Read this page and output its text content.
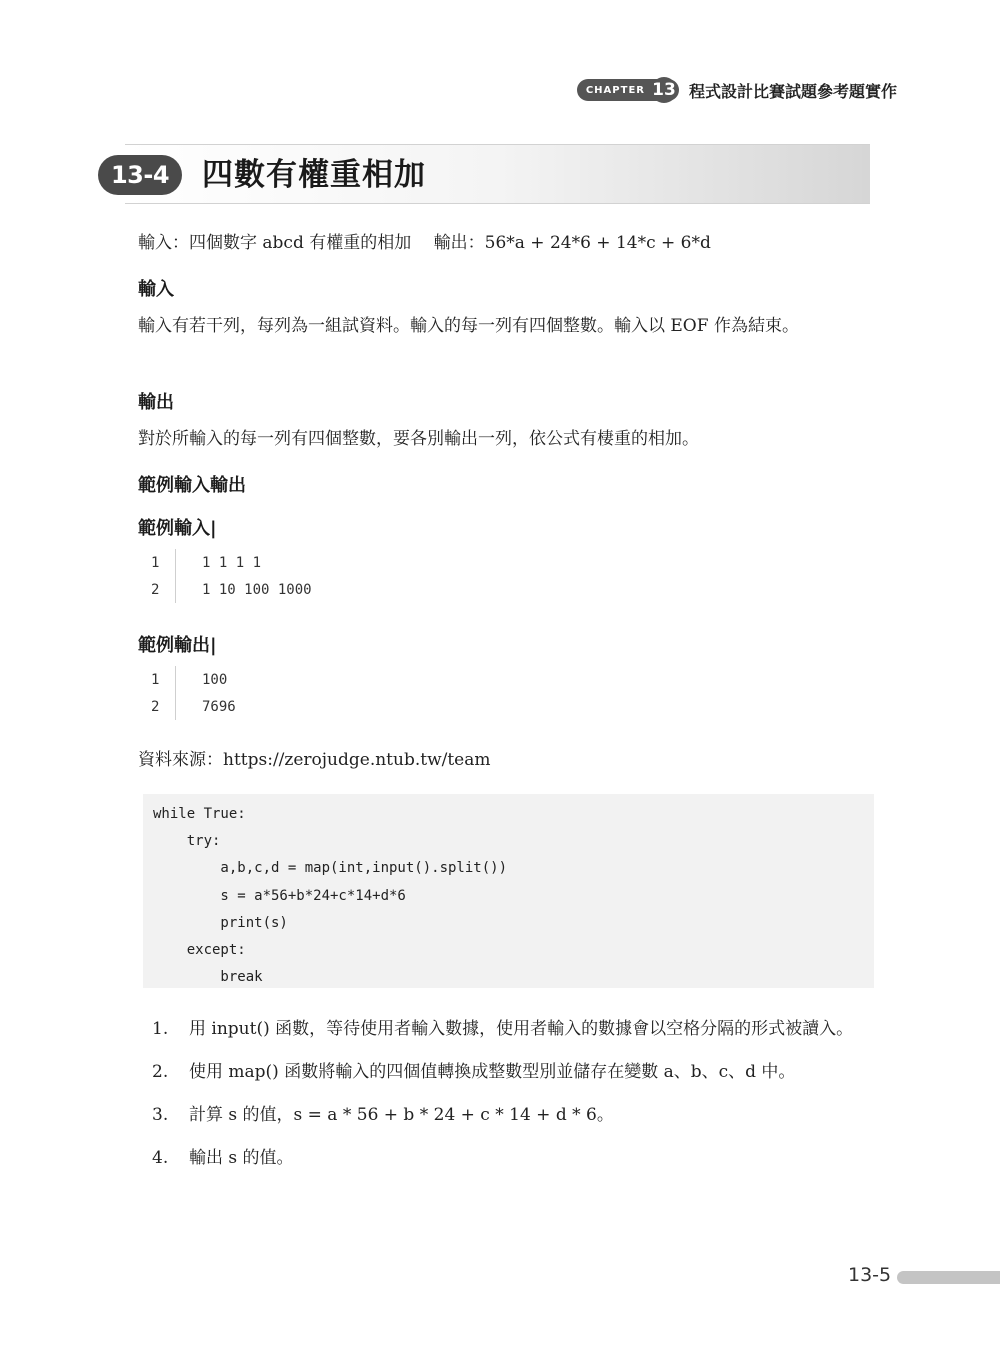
CHAPTER 13 程式設計比賽試題參考題實作
13-4	四數有權重相加
輸入：四個數字 abcd 有權重的相加　 輸出：56*a + 24*6 + 14*c + 6*d
輸入
輸入有若干列，每列為一組試資料。輸入的每一列有四個整數。輸入以 EOF 作為結束。
輸出
對於所輸入的每一列有四個整數，要各別輸出一列，依公式有棲重的相加。
範例輸入輸出
範例輸入|
1	1 1 1 1
2	1 10 100 1000
範例輸出|
1	100
2	7696
資料來源：https://zerojudge.ntub.tw/team
while True:
try:
a,b,c,d = map(int,input().split())
s = a*56+b*24+c*14+d*6
print(s)
except:
break
1.	用 input() 函數，等待使用者輸入數據，使用者輸入的數據會以空格分隔的形式被讀入。
2.	使用 map() 函數將輸入的四個值轉換成整數型別並儲存在變數 a、b、c、d 中。
3.	計算 s 的值，s = a * 56 + b * 24 + c * 14 + d * 6。
4.	輸出 s 的值。
13-5
